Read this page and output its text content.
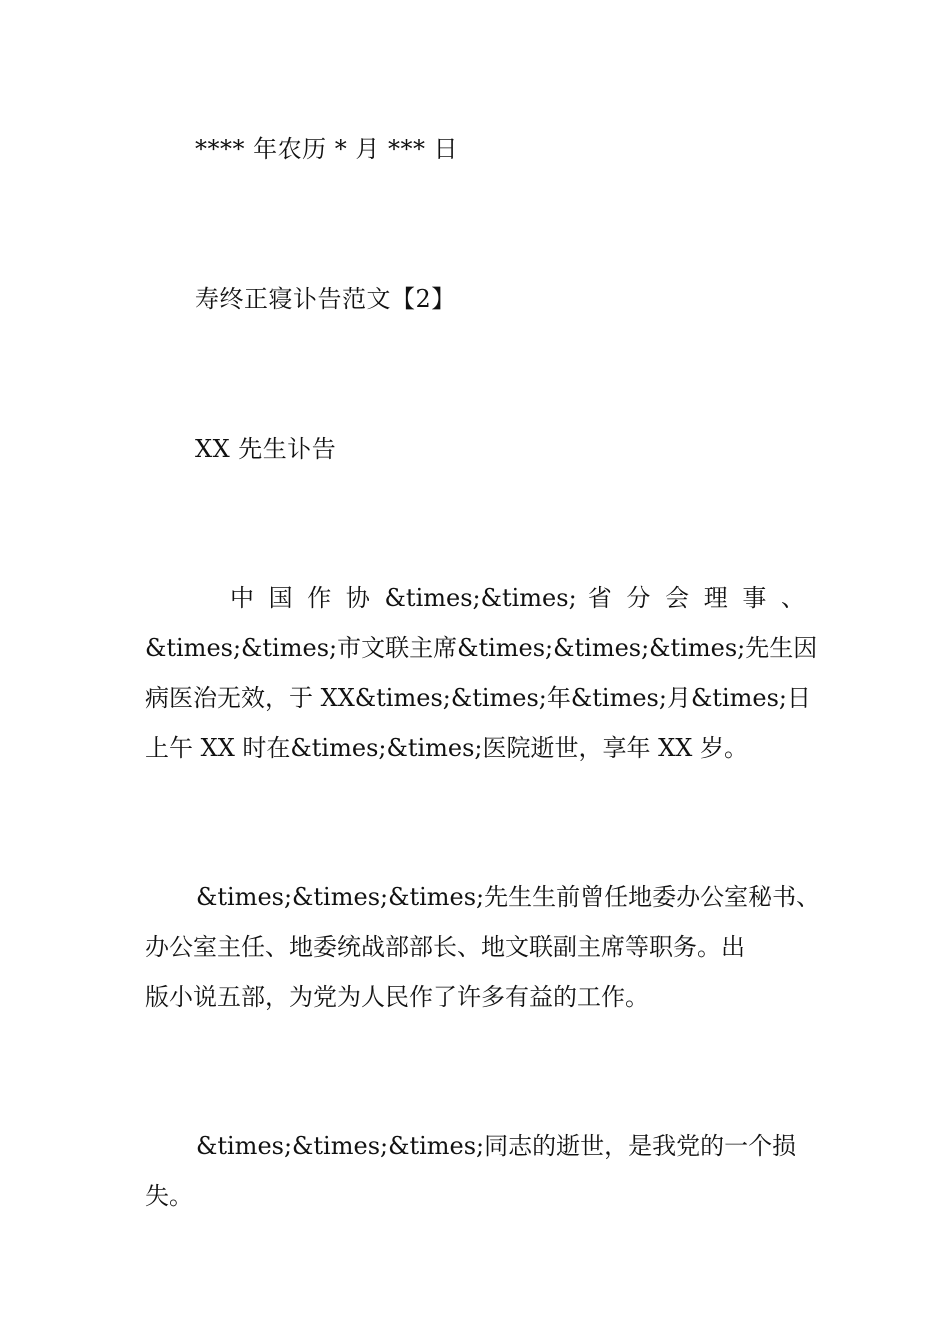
**** 年农历 * 月 *** 日
寿终正寝讣告范文【2】
XX 先生讣告
中 国 作 协 &times;&times; 省 分 会 理 事 、
&times;&times;市文联主席&times;&times;&times;先生因
病医治无效，于 XX&times;&times;年&times;月&times;日
上午 XX 时在&times;&times;医院逝世，享年 XX 岁。
&times;&times;&times;先生生前曾任地委办公室秘书、
办公室主任、地委统战部部长、地文联副主席等职务。出
版小说五部，为党为人民作了许多有益的工作。
&times;&times;&times;同志的逝世，是我党的一个损
失。
